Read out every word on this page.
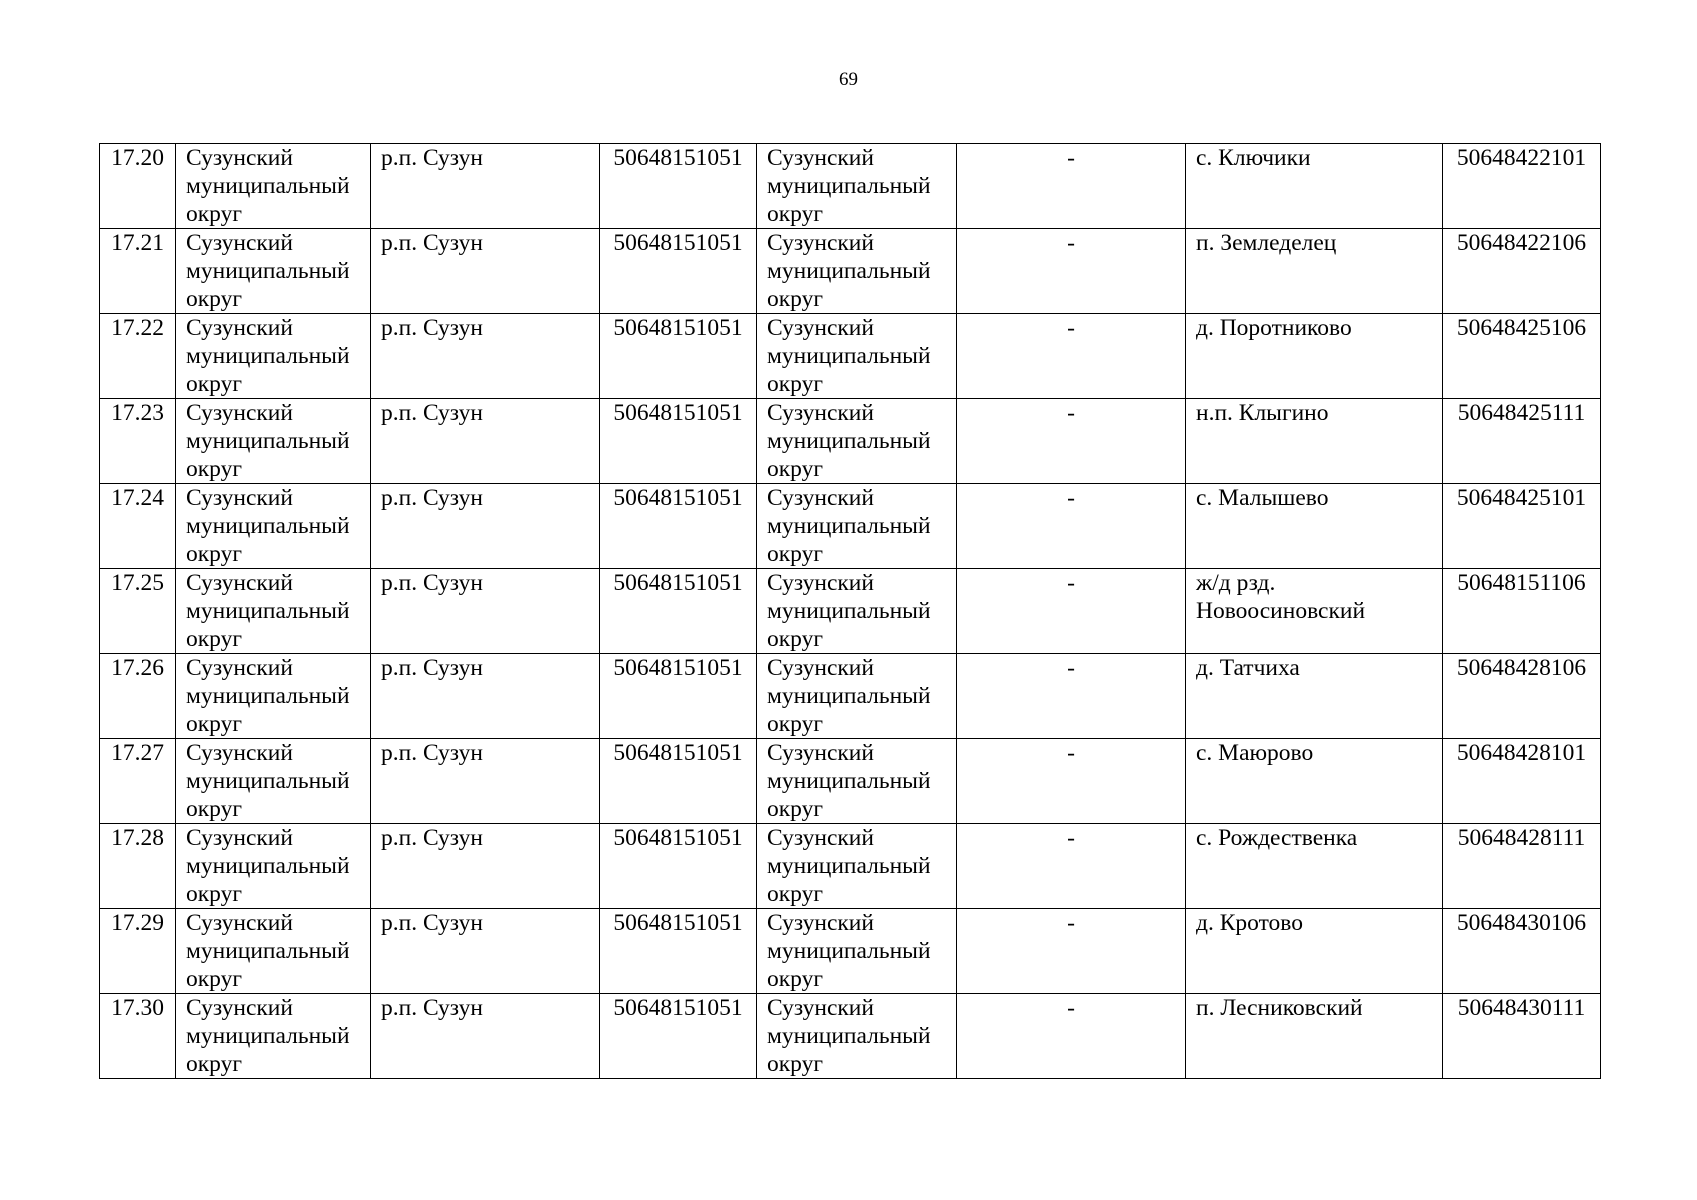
69
17.20	Сузунский муниципальный округ	р.п. Сузун	50648151051	Сузунский муниципальный округ	-	с. Ключики	50648422101
17.21	Сузунский муниципальный округ	р.п. Сузун	50648151051	Сузунский муниципальный округ	-	п. Земледелец	50648422106
17.22	Сузунский муниципальный округ	р.п. Сузун	50648151051	Сузунский муниципальный округ	-	д. Поротниково	50648425106
17.23	Сузунский муниципальный округ	р.п. Сузун	50648151051	Сузунский муниципальный округ	-	н.п. Клыгино	50648425111
17.24	Сузунский муниципальный округ	р.п. Сузун	50648151051	Сузунский муниципальный округ	-	с. Малышево	50648425101
17.25	Сузунский муниципальный округ	р.п. Сузун	50648151051	Сузунский муниципальный округ	-	ж/д рзд. Новоосиновский	50648151106
17.26	Сузунский муниципальный округ	р.п. Сузун	50648151051	Сузунский муниципальный округ	-	д. Татчиха	50648428106
17.27	Сузунский муниципальный округ	р.п. Сузун	50648151051	Сузунский муниципальный округ	-	с. Маюрово	50648428101
17.28	Сузунский муниципальный округ	р.п. Сузун	50648151051	Сузунский муниципальный округ	-	с. Рождественка	50648428111
17.29	Сузунский муниципальный округ	р.п. Сузун	50648151051	Сузунский муниципальный округ	-	д. Кротово	50648430106
17.30	Сузунский муниципальный округ	р.п. Сузун	50648151051	Сузунский муниципальный округ	-	п. Лесниковский	50648430111
